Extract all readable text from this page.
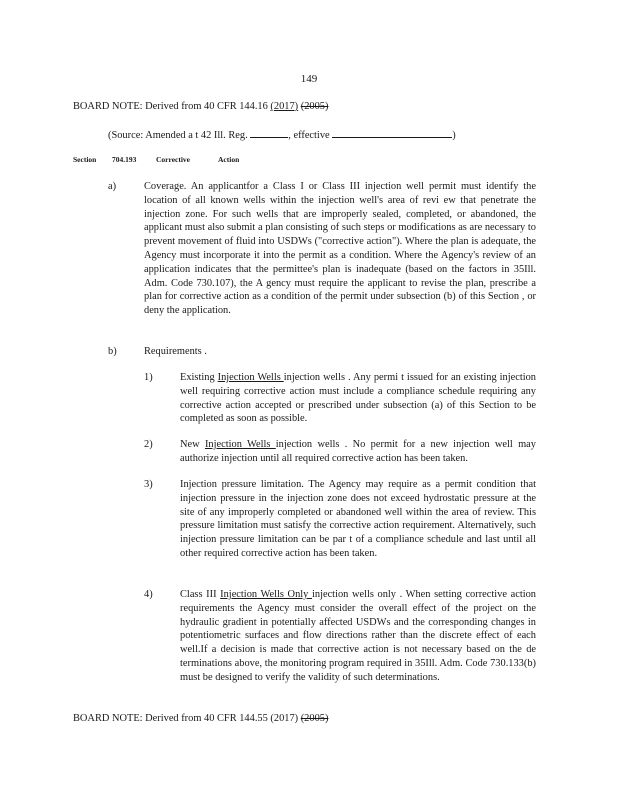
149
BOARD NOTE: Derived from 40 CFR 144.16 (2017) (2005)
(Source: Amended a t 42 Ill. Reg.	, effective	)
Section 704.193	Corrective	Action
a)	Coverage. An applicantfor a Class I or Class III injection well permit must identify the location of all known wells within the injection well's area of revi ew that penetrate the injection zone. For such wells that are improperly sealed, completed, or abandoned, the applicant must also submit a plan consisting of such steps or modifications as are necessary to prevent movement of fluid into USDWs ("corrective action"). Where the plan is adequate, the Agency must incorporate it into the permit as a condition. Where the Agency's review of an application indicates that the permittee's plan is inadequate (based on the factors in 35Ill. Adm. Code 730.107), the A gency must require the applicant to revise the plan, prescribe a plan for corrective action as a condition of the permit under subsection (b) of this Section , or deny the application.
b)	Requirements .
1)	Existing Injection Wells injection wells . Any permi t issued for an existing injection well requiring corrective action must include a compliance schedule requiring any corrective action accepted or prescribed under subsection (a) of this Section to be completed as soon as possible.
2)	New Injection Wells injection wells . No permit for a new injection well may authorize injection until all required corrective action has been taken.
3)	Injection pressure limitation. The Agency may require as a permit condition that injection pressure in the injection zone does not exceed hydrostatic pressure at the site of any improperly completed or abandoned well within the area of review. This pressure limitation must satisfy the corrective action requirement. Alternatively, such injection pressure limitation can be par t of a compliance schedule and last until all other required corrective action has been taken.
4)	Class III Injection Wells Only injection wells only . When setting corrective action requirements the Agency must consider the overall effect of the project on the hydraulic gradient in potentially affected USDWs and the corresponding changes in potentiometric surfaces and flow directions rather than the discrete effect of each well.If a decision is made that corrective action is not necessary based on the de terminations above, the monitoring program required in 35Ill. Adm. Code 730.133(b) must be designed to verify the validity of such determinations.
BOARD NOTE: Derived from 40 CFR 144.55 (2017) (2005)
